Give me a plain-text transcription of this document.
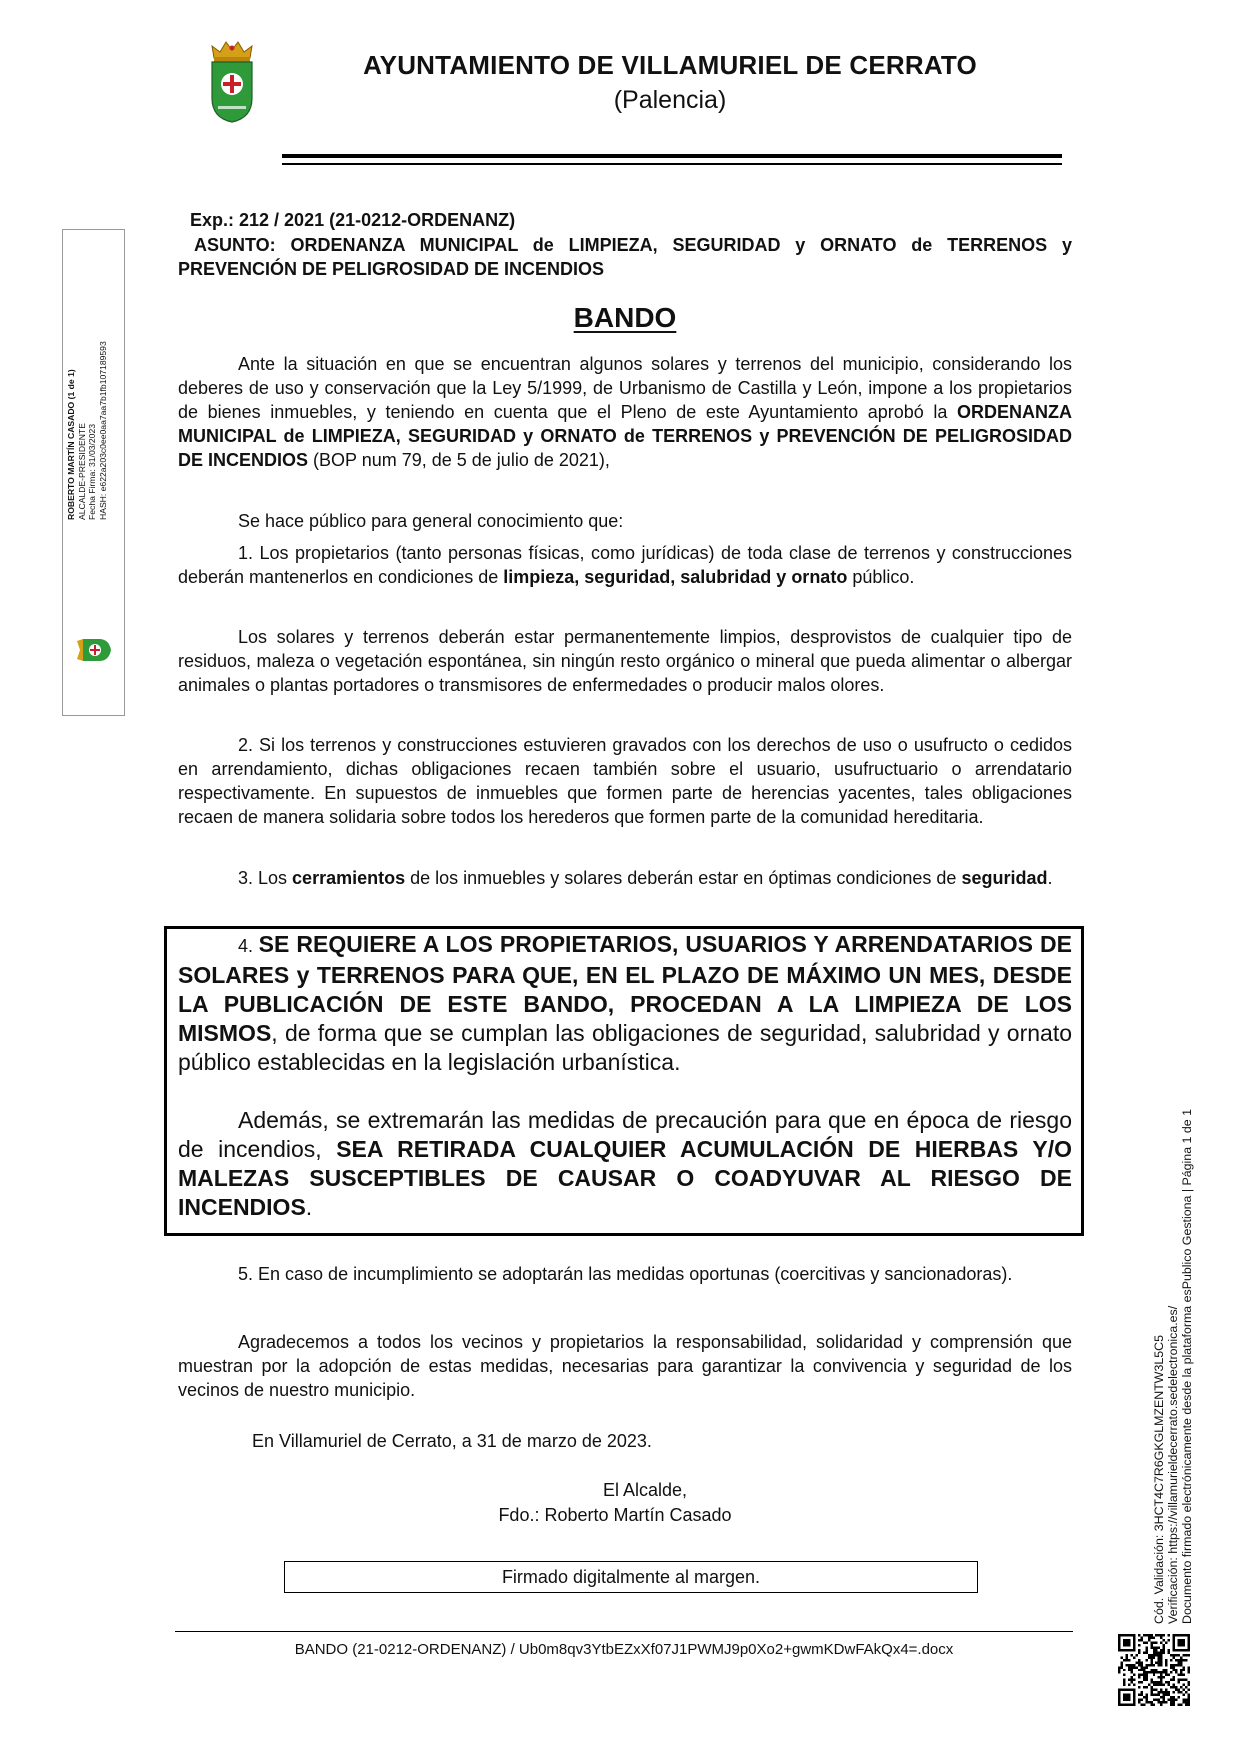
AYUNTAMIENTO DE VILLAMURIEL DE CERRATO
(Palencia)
ROBERTO MARTÍN CASADO (1 de 1) ALCALDE-PRESIDENTE Fecha Firma: 31/03/2023 HASH: e622a203c0ee0aa7aa7b1fb107189593
Exp.: 212 / 2021 (21-0212-ORDENANZ)
ASUNTO: ORDENANZA MUNICIPAL de LIMPIEZA, SEGURIDAD y ORNATO de TERRENOS y PREVENCIÓN DE PELIGROSIDAD DE INCENDIOS
BANDO

Ante la situación en que se encuentran algunos solares y terrenos del municipio, considerando los deberes de uso y conservación que la Ley 5/1999, de Urbanismo de Castilla y León, impone a los propietarios de bienes inmuebles, y teniendo en cuenta que el Pleno de este Ayuntamiento aprobó la ORDENANZA MUNICIPAL de LIMPIEZA, SEGURIDAD y ORNATO de TERRENOS y PREVENCIÓN DE PELIGROSIDAD DE INCENDIOS (BOP num 79, de 5 de julio de 2021),

Se hace público para general conocimiento que:

1. Los propietarios (tanto personas físicas, como jurídicas) de toda clase de terrenos y construcciones deberán mantenerlos en condiciones de limpieza, seguridad, salubridad y ornato público.

Los solares y terrenos deberán estar permanentemente limpios, desprovistos de cualquier tipo de residuos, maleza o vegetación espontánea, sin ningún resto orgánico o mineral que pueda alimentar o albergar animales o plantas portadores o transmisores de enfermedades o producir malos olores.

2. Si los terrenos y construcciones estuvieren gravados con los derechos de uso o usufructo o cedidos en arrendamiento, dichas obligaciones recaen también sobre el usuario, usufructuario o arrendatario respectivamente. En supuestos de inmuebles que formen parte de herencias yacentes, tales obligaciones recaen de manera solidaria sobre todos los herederos que formen parte de la comunidad hereditaria.

3. Los cerramientos de los inmuebles y solares deberán estar en óptimas condiciones de seguridad.

4. SE REQUIERE A LOS PROPIETARIOS, USUARIOS Y ARRENDATARIOS DE SOLARES y TERRENOS PARA QUE, EN EL PLAZO DE MÁXIMO UN MES, DESDE LA PUBLICACIÓN DE ESTE BANDO, PROCEDAN A LA LIMPIEZA DE LOS MISMOS, de forma que se cumplan las obligaciones de seguridad, salubridad y ornato público establecidas en la legislación urbanística.

Además, se extremarán las medidas de precaución para que en época de riesgo de incendios, SEA RETIRADA CUALQUIER ACUMULACIÓN DE HIERBAS Y/O MALEZAS SUSCEPTIBLES DE CAUSAR O COADYUVAR AL RIESGO DE INCENDIOS.

5. En caso de incumplimiento se adoptarán las medidas oportunas (coercitivas y sancionadoras).

Agradecemos a todos los vecinos y propietarios la responsabilidad, solidaridad y comprensión que muestran por la adopción de estas medidas, necesarias para garantizar la convivencia y seguridad de los vecinos de nuestro municipio.

En Villamuriel de Cerrato, a 31 de marzo de 2023.
El Alcalde,
Fdo.: Roberto Martín Casado
Firmado digitalmente al margen.
BANDO (21-0212-ORDENANZ) / Ub0m8qv3YtbEZxXf07J1PWMJ9p0Xo2+gwmKDwFAkQx4=.docx
Cód. Validación: 3HCT4C7R6GKGLMZENTW3L5C5 Verificación: https://villamurieldecerrato.sedelectronica.es/ Documento firmado electrónicamente desde la plataforma esPublico Gestiona | Página 1 de 1
